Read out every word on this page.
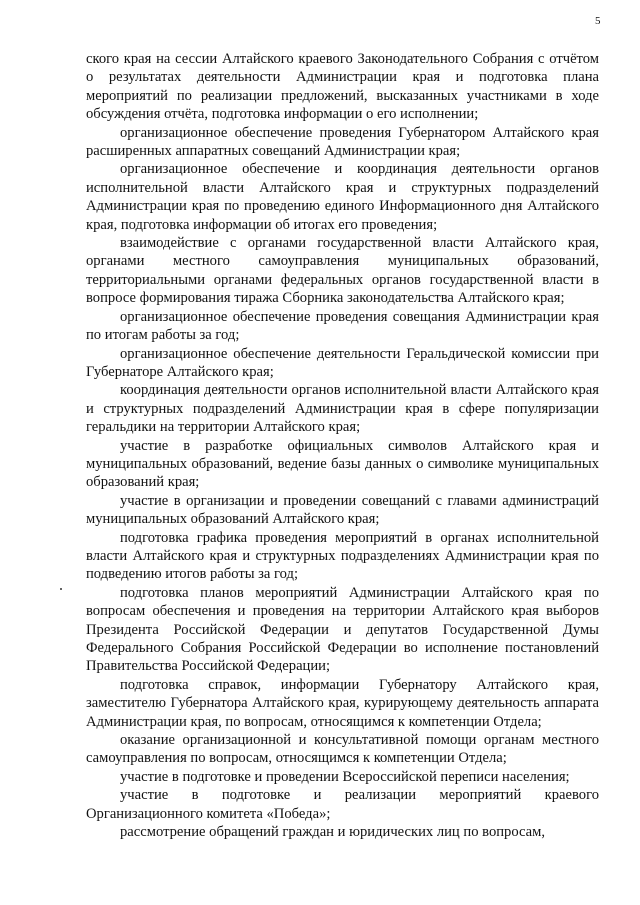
5

ского края на сессии Алтайского краевого Законодательного Собрания с отчётом о результатах деятельности Администрации края и подготовка плана мероприятий по реализации предложений, высказанных участниками в ходе обсуждения отчёта, подготовка информации о его исполнении;

организационное обеспечение проведения Губернатором Алтайского края расширенных аппаратных совещаний Администрации края;

организационное обеспечение и координация деятельности органов исполнительной власти Алтайского края и структурных подразделений Администрации края по проведению единого Информационного дня Алтайского края, подготовка информации об итогах его проведения;

взаимодействие с органами государственной власти Алтайского края, органами местного самоуправления муниципальных образований, территориальными органами федеральных органов государственной власти в вопросе формирования тиража Сборника законодательства Алтайского края;

организационное обеспечение проведения совещания Администрации края по итогам работы за год;

организационное обеспечение деятельности Геральдической комиссии при Губернаторе Алтайского края;

координация деятельности органов исполнительной власти Алтайского края и структурных подразделений Администрации края в сфере популяризации геральдики на территории Алтайского края;

участие в разработке официальных символов Алтайского края и муниципальных образований, ведение базы данных о символике муниципальных образований края;

участие в организации и проведении совещаний с главами администраций муниципальных образований Алтайского края;

подготовка графика проведения мероприятий в органах исполнительной власти Алтайского края и структурных подразделениях Администрации края по подведению итогов работы за год;

подготовка планов мероприятий Администрации Алтайского края по вопросам обеспечения и проведения на территории Алтайского края выборов Президента Российской Федерации и депутатов Государственной Думы Федерального Собрания Российской Федерации во исполнение постановлений Правительства Российской Федерации;

подготовка справок, информации Губернатору Алтайского края, заместителю Губернатора Алтайского края, курирующему деятельность аппарата Администрации края, по вопросам, относящимся к компетенции Отдела;

оказание организационной и консультативной помощи органам местного самоуправления по вопросам, относящимся к компетенции Отдела;

участие в подготовке и проведении Всероссийской переписи населения;

участие в подготовке и реализации мероприятий краевого Организационного комитета «Победа»;

рассмотрение обращений граждан и юридических лиц по вопросам,
